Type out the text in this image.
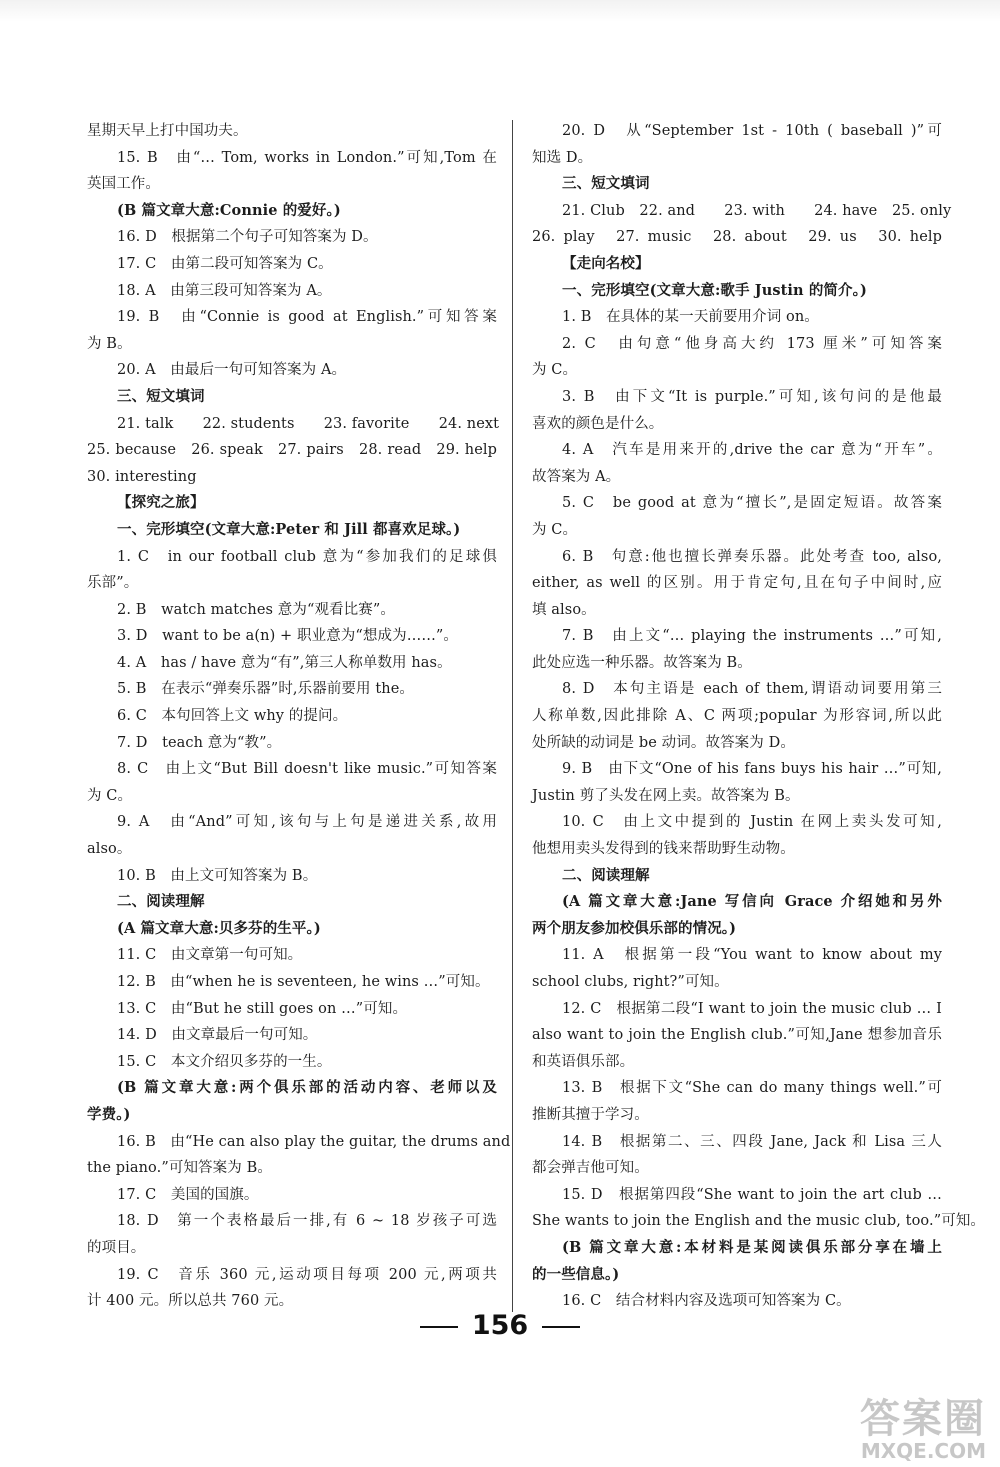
星期天早上打中国功夫。
15. B　由“… Tom, works in London.”可知,Tom 在
英国工作。
(B 篇文章大意:Connie 的爱好。)
16. D　根据第二个句子可知答案为 D。
17. C　由第二段可知答案为 C。
18. A　由第三段可知答案为 A。
19. B　由“Connie is good at English.”可知答案
为 B。
20. A　由最后一句可知答案为 A。
三、短文填词
21. talk　　22. students　　23. favorite　　24. next
25. because　26. speak　27. pairs　28. read　29. help
30. interesting
【探究之旅】
一、完形填空(文章大意:Peter 和 Jill 都喜欢足球。)
1. C　in our football club 意为“参加我们的足球俱
乐部”。
2. B　watch matches 意为“观看比赛”。
3. D　want to be a(n) + 职业意为“想成为……”。
4. A　has / have 意为“有”,第三人称单数用 has。
5. B　在表示“弹奏乐器”时,乐器前要用 the。
6. C　本句回答上文 why 的提问。
7. D　teach 意为“教”。
8. C　由上文“But Bill doesn't like music.”可知答案
为 C。
9. A　由“And”可知,该句与上句是递进关系,故用
also。
10. B　由上文可知答案为 B。
二、阅读理解
(A 篇文章大意:贝多芬的生平。)
11. C　由文章第一句可知。
12. B　由“when he is seventeen, he wins …”可知。
13. C　由“But he still goes on …”可知。
14. D　由文章最后一句可知。
15. C　本文介绍贝多芬的一生。
(B 篇文章大意:两个俱乐部的活动内容、老师以及
学费。)
16. B　由“He can also play the guitar, the drums and
the piano.”可知答案为 B。
17. C　美国的国旗。
18. D　第一个表格最后一排,有 6 ~ 18 岁孩子可选
的项目。
19. C　音乐 360 元,运动项目每项 200 元,两项共
计 400 元。所以总共 760 元。
20. D　从“September 1st - 10th ( baseball )”可
知选 D。
三、短文填词
21. Club　22. and　　23. with　　24. have　25. only
26. play　27. music　28. about　29. us　30. help
【走向名校】
一、完形填空(文章大意:歌手 Justin 的简介。)
1. B　在具体的某一天前要用介词 on。
2. C　由句意“他身高大约 173 厘米”可知答案
为 C。
3. B　由下文“It is purple.”可知,该句问的是他最
喜欢的颜色是什么。
4. A　汽车是用来开的,drive the car 意为“开车”。
故答案为 A。
5. C　be good at 意为“擅长”,是固定短语。故答案
为 C。
6. B　句意:他也擅长弹奏乐器。此处考查 too, also,
either, as well 的区别。用于肯定句,且在句子中间时,应
填 also。
7. B　由上文“… playing the instruments …”可知,
此处应选一种乐器。故答案为 B。
8. D　本句主语是 each of them,谓语动词要用第三
人称单数,因此排除 A、C 两项;popular 为形容词,所以此
处所缺的动词是 be 动词。故答案为 D。
9. B　由下文“One of his fans buys his hair …”可知,
Justin 剪了头发在网上卖。故答案为 B。
10. C　由上文中提到的 Justin 在网上卖头发可知,
他想用卖头发得到的钱来帮助野生动物。
二、阅读理解
(A 篇文章大意:Jane 写信向 Grace 介绍她和另外
两个朋友参加校俱乐部的情况。)
11. A　根据第一段“You want to know about my
school clubs, right?”可知。
12. C　根据第二段“I want to join the music club … I
also want to join the English club.”可知,Jane 想参加音乐
和英语俱乐部。
13. B　根据下文“She can do many things well.”可
推断其擅于学习。
14. B　根据第二、三、四段 Jane, Jack 和 Lisa 三人
都会弹吉他可知。
15. D　根据第四段“She want to join the art club …
She wants to join the English and the music club, too.”可知。
(B 篇文章大意:本材料是某阅读俱乐部分享在墙上
的一些信息。)
16. C　结合材料内容及选项可知答案为 C。
156
答案圈
MXQE.COM
